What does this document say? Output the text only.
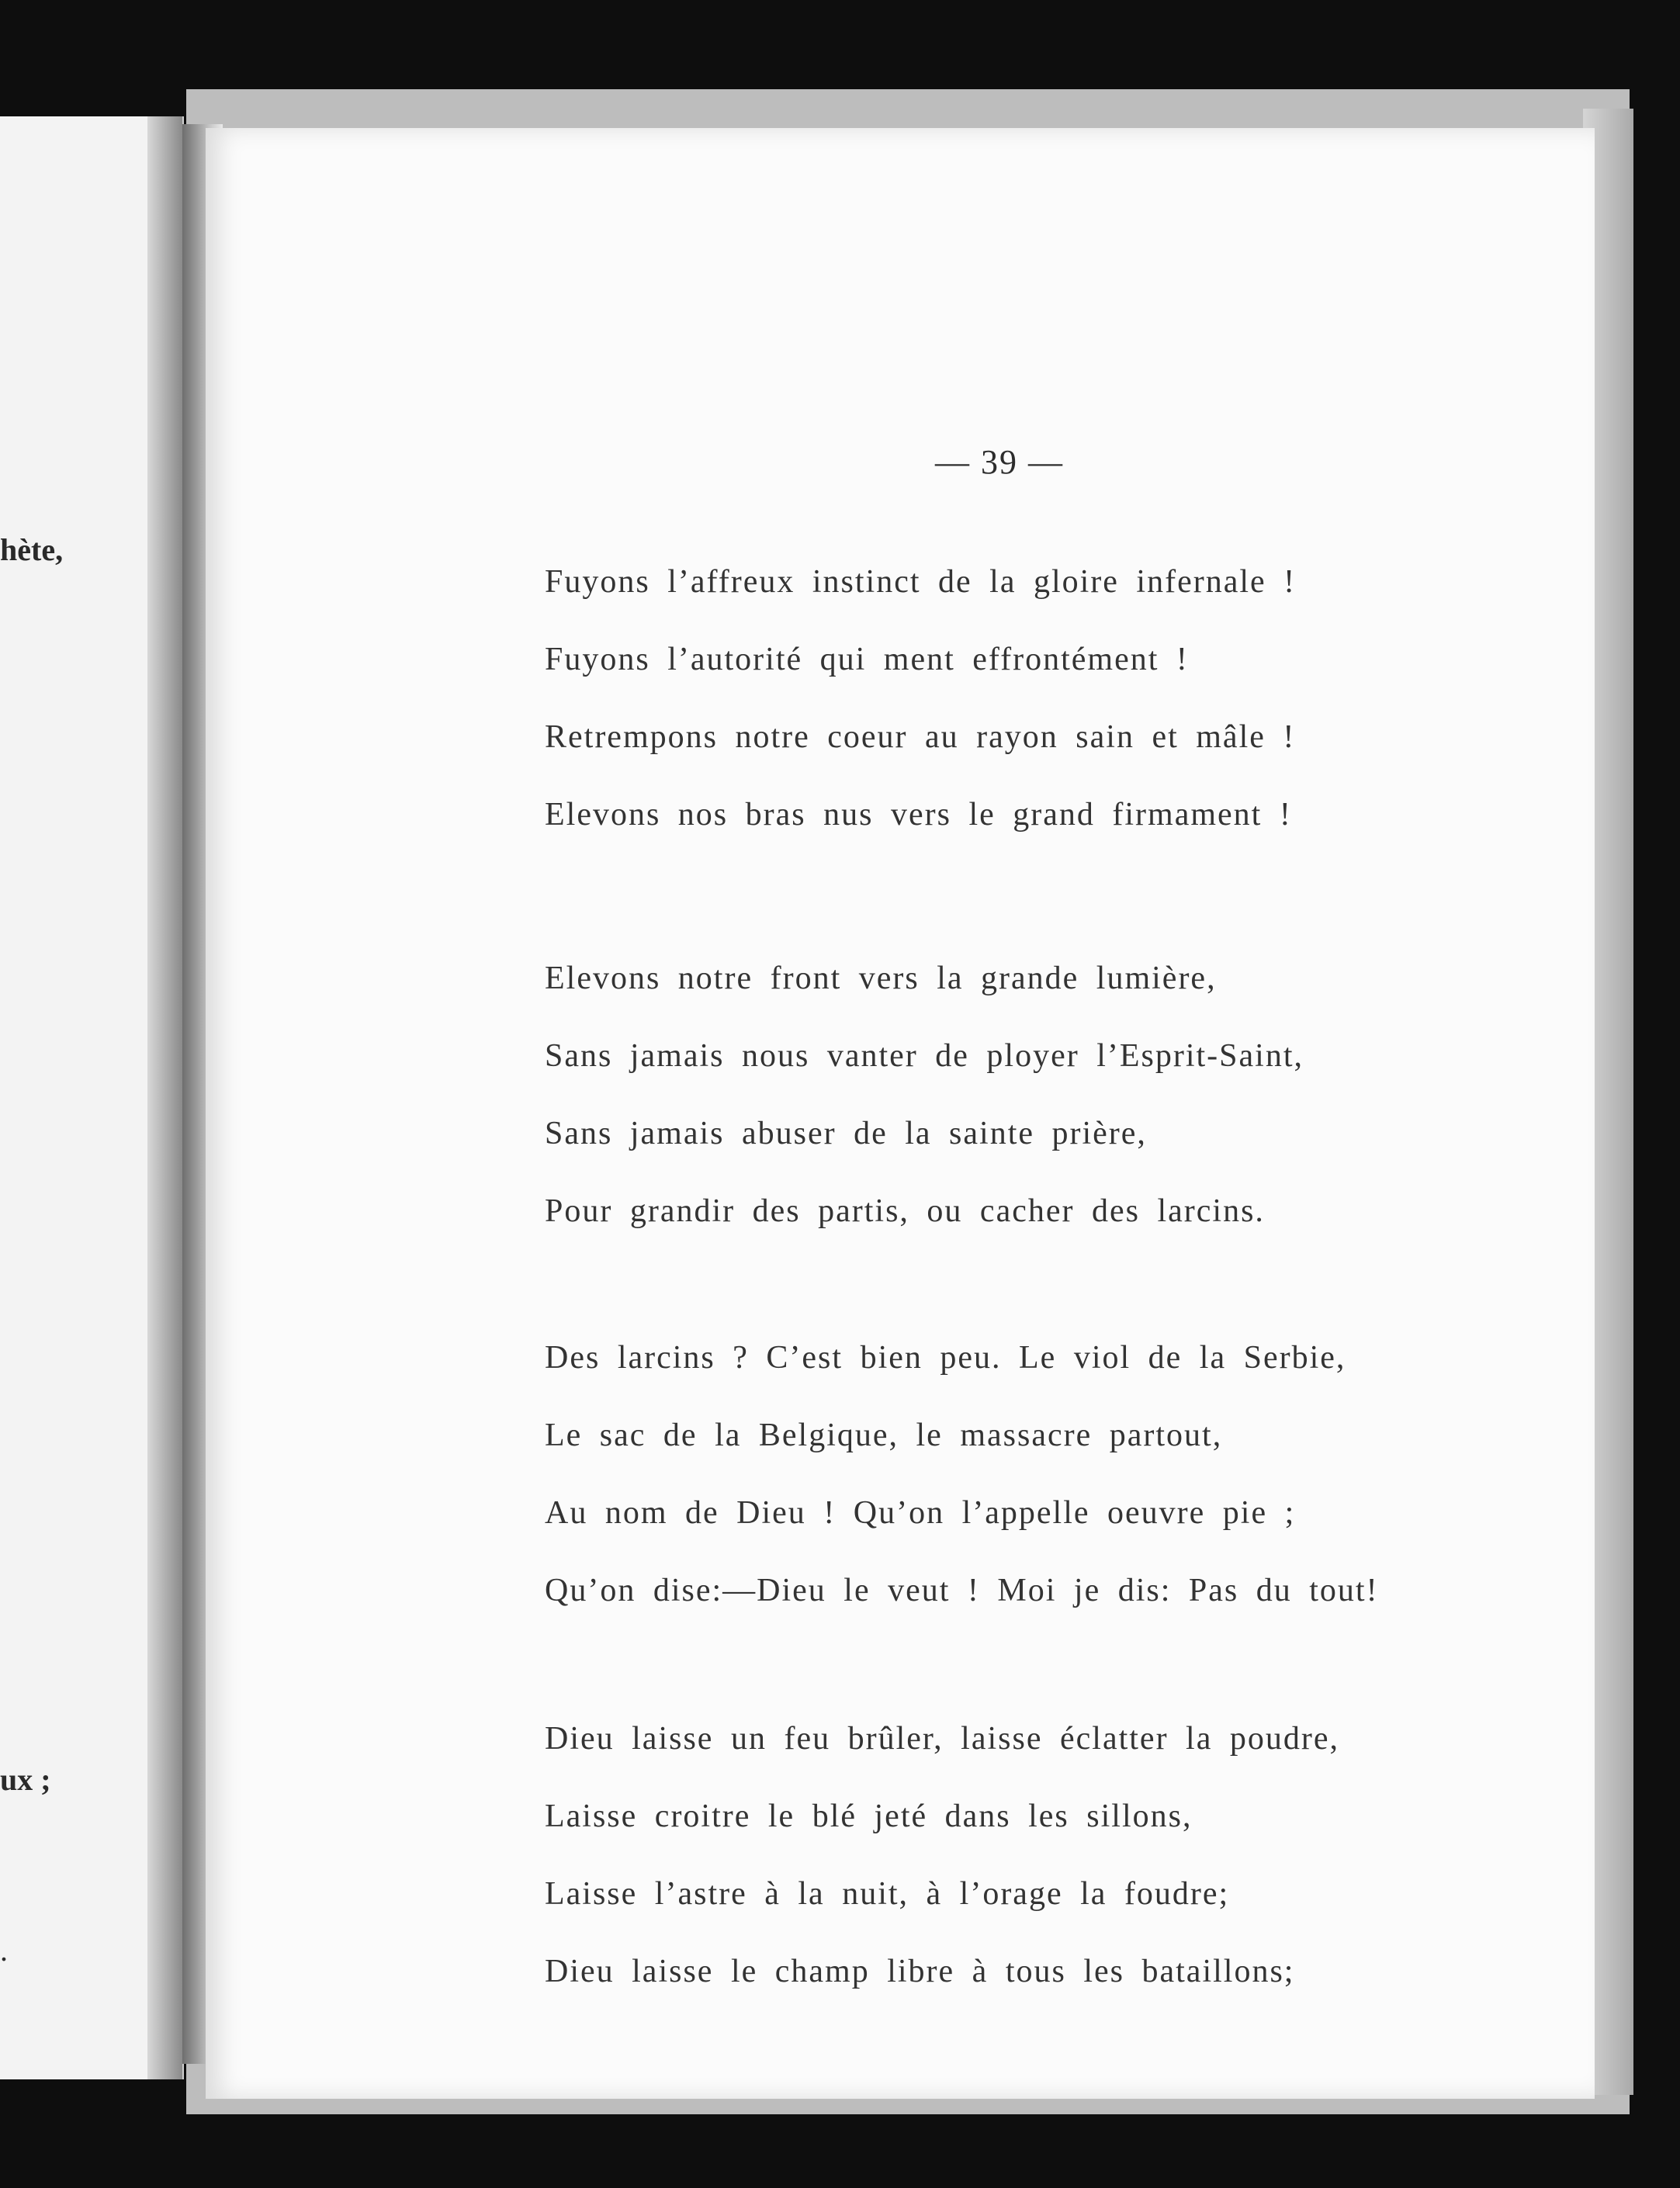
hète,
ux ;
.
— 39 —
Fuyons l’affreux instinct de la gloire infernale !
Fuyons l’autorité qui ment effrontément !
Retrempons notre coeur au rayon sain et mâle !
Elevons nos bras nus vers le grand firmament !
Elevons notre front vers la grande lumière,
Sans jamais nous vanter de ployer l’Esprit-Saint,
Sans jamais abuser de la sainte prière,
Pour grandir des partis, ou cacher des larcins.
Des larcins ? C’est bien peu. Le viol de la Serbie,
Le sac de la Belgique, le massacre partout,
Au nom de Dieu ! Qu’on l’appelle oeuvre pie ;
Qu’on dise:—Dieu le veut ! Moi je dis: Pas du tout!
Dieu laisse un feu brûler, laisse éclatter la poudre,
Laisse croitre le blé jeté dans les sillons,
Laisse l’astre à la nuit, à l’orage la foudre;
Dieu laisse le champ libre à tous les bataillons;
